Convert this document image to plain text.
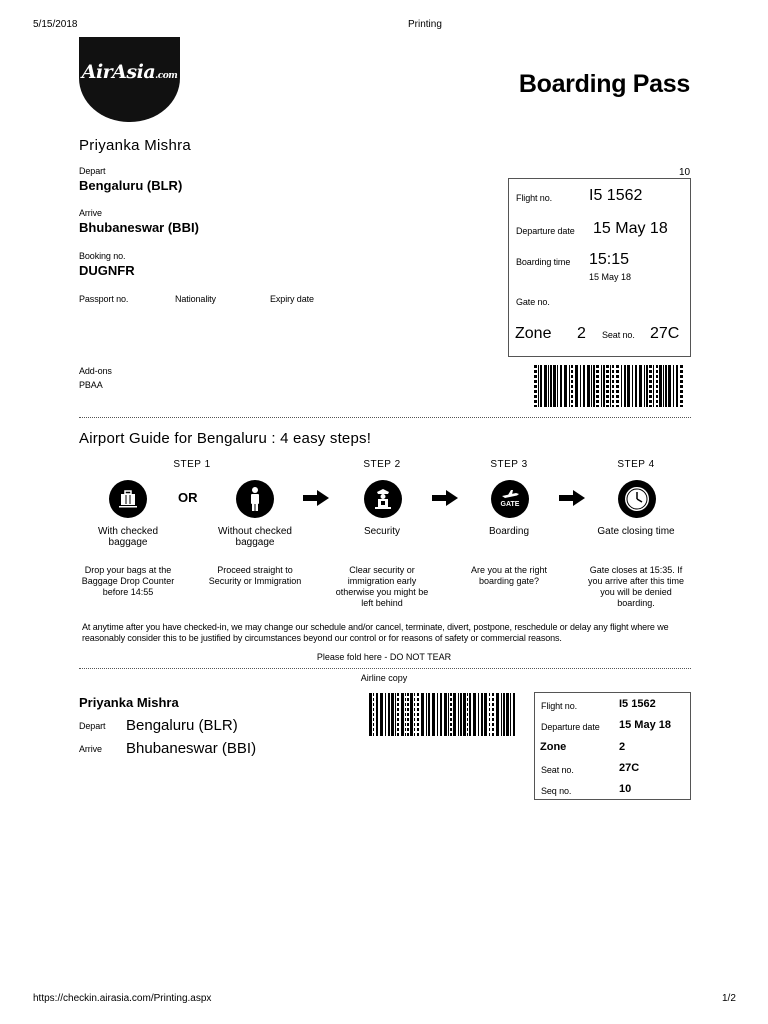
5/15/2018	Printing
AirAsia.com	Boarding Pass
Priyanka Mishra
Depart
Bengaluru (BLR)
Arrive
Bhubaneswar (BBI)
Booking no.
DUGNFR
Passport no.	Nationality	Expiry date
Add-ons
PBAA
10
Flight no. I5 1562
Departure date 15 May 18
Boarding time 15:15
15 May 18
Gate no.
Zone 2 Seat no. 27C
Airport Guide for Bengaluru : 4 easy steps!
STEP 1	STEP 2	STEP 3	STEP 4
OR	GATE
With checked baggage
Without checked baggage
Security	Boarding	Gate closing time
Drop your bags at the Baggage Drop Counter before 14:55
Proceed straight to Security or Immigration
Clear security or immigration early otherwise you might be left behind
Are you at the right boarding gate?
Gate closes at 15:35. If you arrive after this time you will be denied boarding.
At anytime after you have checked-in, we may change our schedule and/or cancel, terminate, divert, postpone, reschedule or delay any flight where we reasonably consider this to be justified by circumstances beyond our control or for reasons of safety or commercial reasons.
Please fold here - DO NOT TEAR
Airline copy
Priyanka Mishra
Depart Bengaluru (BLR)
Arrive Bhubaneswar (BBI)
Flight no.	I5 1562
Departure date 15 May 18
Zone	2
Seat no.	27C
Seq no.	10
https://checkin.airasia.com/Printing.aspx	1/2
